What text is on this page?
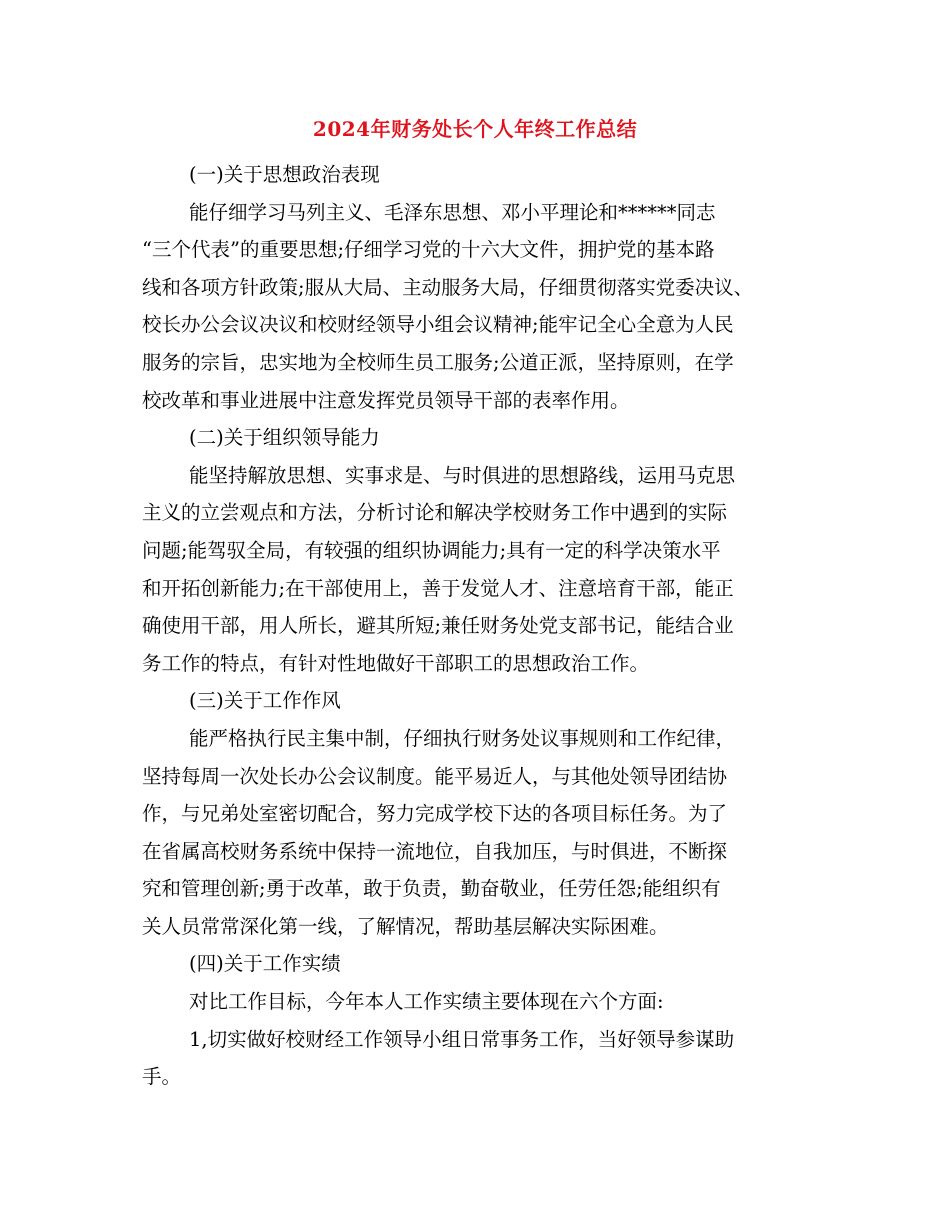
2024年财务处长个人年终工作总结
(一)关于思想政治表现
能仔细学习马列主义、毛泽东思想、邓小平理论和******同志
“三个代表”的重要思想;仔细学习党的十六大文件，拥护党的基本路
线和各项方针政策;服从大局、主动服务大局，仔细贯彻落实党委决议、
校长办公会议决议和校财经领导小组会议精神;能牢记全心全意为人民
服务的宗旨，忠实地为全校师生员工服务;公道正派，坚持原则，在学
校改革和事业进展中注意发挥党员领导干部的表率作用。
(二)关于组织领导能力
能坚持解放思想、实事求是、与时俱进的思想路线，运用马克思
主义的立尝观点和方法，分析讨论和解决学校财务工作中遇到的实际
问题;能驾驭全局，有较强的组织协调能力;具有一定的科学决策水平
和开拓创新能力;在干部使用上，善于发觉人才、注意培育干部，能正
确使用干部，用人所长，避其所短;兼任财务处党支部书记，能结合业
务工作的特点，有针对性地做好干部职工的思想政治工作。
(三)关于工作作风
能严格执行民主集中制，仔细执行财务处议事规则和工作纪律，
坚持每周一次处长办公会议制度。能平易近人，与其他处领导团结协
作，与兄弟处室密切配合，努力完成学校下达的各项目标任务。为了
在省属高校财务系统中保持一流地位，自我加压，与时俱进，不断探
究和管理创新;勇于改革，敢于负责，勤奋敬业，任劳任怨;能组织有
关人员常常深化第一线，了解情况，帮助基层解决实际困难。
(四)关于工作实绩
对比工作目标，今年本人工作实绩主要体现在六个方面:
1,切实做好校财经工作领导小组日常事务工作，当好领导参谋助
手。
